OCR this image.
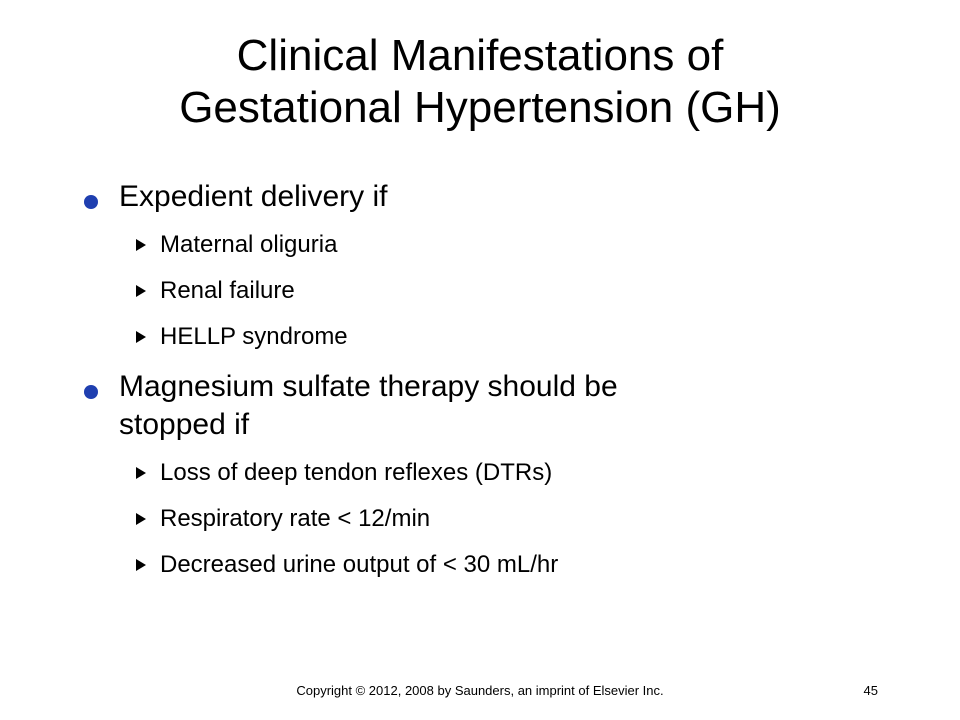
Clinical Manifestations of
Gestational Hypertension (GH)
Expedient delivery if
Maternal oliguria
Renal failure
HELLP syndrome
Magnesium sulfate therapy should be
stopped if
Loss of deep tendon reflexes (DTRs)
Respiratory rate < 12/min
Decreased urine output of < 30 mL/hr
Copyright © 2012, 2008 by Saunders, an imprint of Elsevier Inc.	45
